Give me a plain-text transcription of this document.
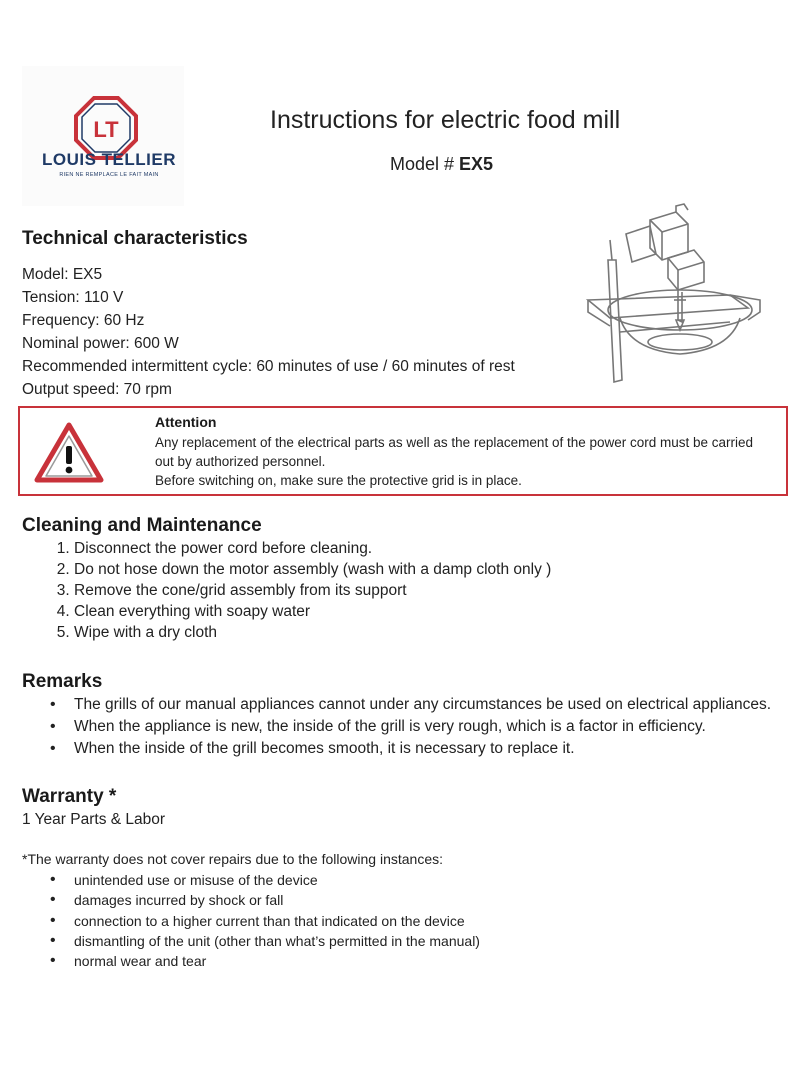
LT
LOUIS TELLIER
RIEN NE REMPLACE LE FAIT MAIN
Instructions for electric food mill
Model # EX5
Technical characteristics
Model: EX5
Tension: 110 V
Frequency: 60 Hz
Nominal power: 600 W
Recommended intermittent cycle: 60 minutes of use / 60 minutes of rest
Output speed: 70 rpm
Attention
Any replacement of the electrical parts as well as the replacement of the power cord must be carried out by authorized personnel.
Before switching on, make sure the protective grid is in place.
Cleaning and Maintenance
1. Disconnect the power cord before cleaning.
2. Do not hose down the motor assembly (wash with a damp cloth only )
3. Remove the cone/grid assembly from its support
4. Clean everything with soapy water
5. Wipe with a dry cloth
Remarks
• The grills of our manual appliances cannot under any circumstances be used on electrical appliances.
• When the appliance is new, the inside of the grill is very rough, which is a factor in efficiency.
• When the inside of the grill becomes smooth, it is necessary to replace it.
Warranty *
1 Year Parts & Labor
*The warranty does not cover repairs due to the following instances:
• unintended use or misuse of the device
• damages incurred by shock or fall
• connection to a higher current than that indicated on the device
• dismantling of the unit (other than what’s permitted in the manual)
• normal wear and tear
